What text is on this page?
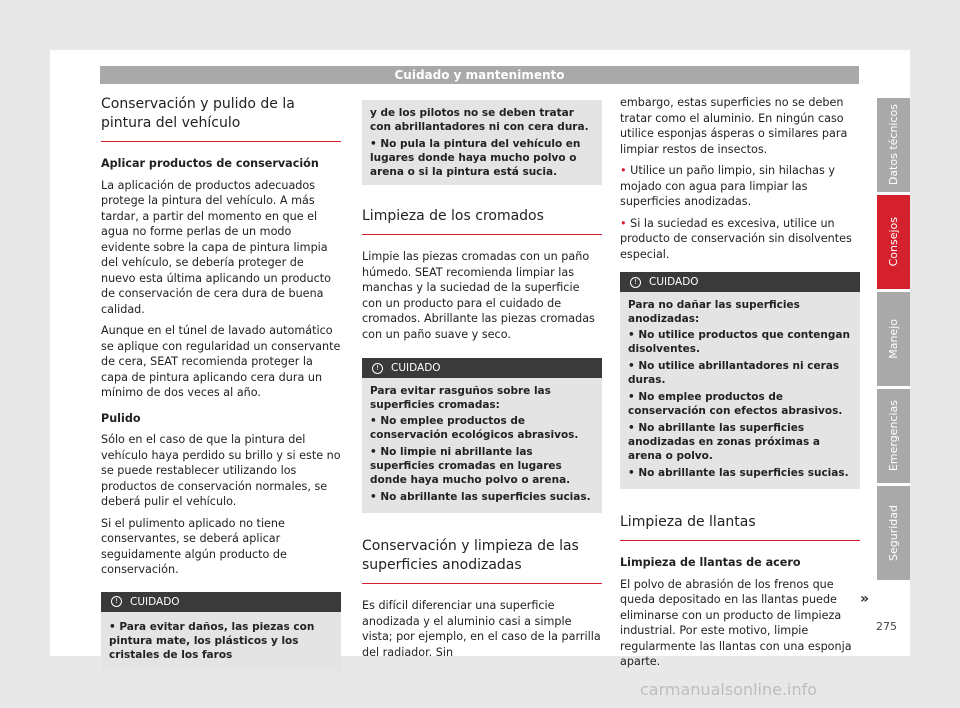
Cuidado y mantenimento
Conservación y pulido de la pintura del vehículo

Aplicar productos de conservación

La aplicación de productos adecuados protege la pintura del vehículo. A más tardar, a partir del momento en que el agua no forme perlas de un modo evidente sobre la capa de pintura limpia del vehículo, se debería proteger de nuevo esta última aplicando un producto de conservación de cera dura de buena calidad.

Aunque en el túnel de lavado automático se aplique con regularidad un conservante de cera, SEAT recomienda proteger la capa de pintura aplicando cera dura un mínimo de dos veces al año.

Pulido

Sólo en el caso de que la pintura del vehículo haya perdido su brillo y si este no se puede restablecer utilizando los productos de conservación normales, se deberá pulir el vehículo.

Si el pulimento aplicado no tiene conservantes, se deberá aplicar seguidamente algún producto de conservación.

! CUIDADO
• Para evitar daños, las piezas con pintura mate, los plásticos y los cristales de los faros
y de los pilotos no se deben tratar con abrillantadores ni con cera dura.
• No pula la pintura del vehículo en lugares donde haya mucho polvo o arena o si la pintura está sucia.
Limpieza de los cromados

Limpie las piezas cromadas con un paño húmedo. SEAT recomienda limpiar las manchas y la suciedad de la superficie con un producto para el cuidado de cromados. Abrillante las piezas cromadas con un paño suave y seco.

! CUIDADO
Para evitar rasguños sobre las superficies cromadas:
• No emplee productos de conservación ecológicos abrasivos.
• No limpie ni abrillante las superficies cromadas en lugares donde haya mucho polvo o arena.
• No abrillante las superficies sucias.
Conservación y limpieza de las superficies anodizadas

Es difícil diferenciar una superficie anodizada y el aluminio casi a simple vista; por ejemplo, en el caso de la parrilla del radiador. Sin

embargo, estas superficies no se deben tratar como el aluminio. En ningún caso utilice esponjas ásperas o similares para limpiar restos de insectos.

• Utilice un paño limpio, sin hilachas y mojado con agua para limpiar las superficies anodizadas.

• Si la suciedad es excesiva, utilice un producto de conservación sin disolventes especial.

! CUIDADO
Para no dañar las superficies anodizadas:
• No utilice productos que contengan disolventes.
• No utilice abrillantadores ni ceras duras.
• No emplee productos de conservación con efectos abrasivos.
• No abrillante las superficies anodizadas en zonas próximas a arena o polvo.
• No abrillante las superficies sucias.
Limpieza de llantas

Limpieza de llantas de acero

El polvo de abrasión de los frenos que queda depositado en las llantas puede eliminarse con un producto de limpieza industrial. Por este motivo, limpie regularmente las llantas con una esponja aparte.

»
Datos técnicos
Consejos
Manejo
Emergencias
Seguridad
275
carmanualsonline.info
